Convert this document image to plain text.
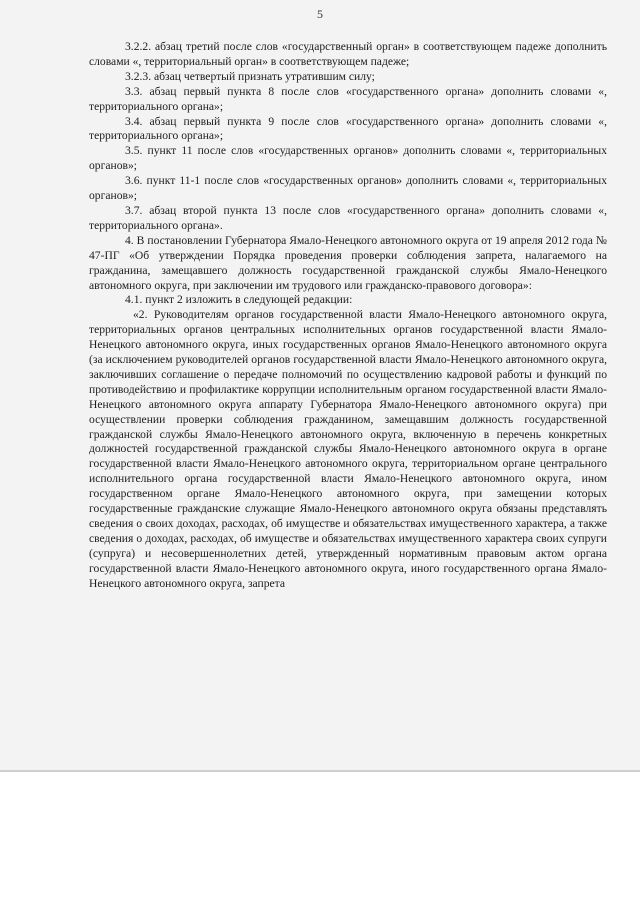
5

3.2.2. абзац третий после слов «государственный орган» в соответствующем падеже дополнить словами «, территориальный орган» в соответствующем падеже;

3.2.3. абзац четвертый признать утратившим силу;

3.3. абзац первый пункта 8 после слов «государственного органа» дополнить словами «, территориального органа»;

3.4. абзац первый пункта 9 после слов «государственного органа» дополнить словами «, территориального органа»;

3.5. пункт 11 после слов «государственных органов» дополнить словами «, территориальных органов»;

3.6. пункт 11-1 после слов «государственных органов» дополнить словами «, территориальных органов»;

3.7. абзац второй пункта 13 после слов «государственного органа» дополнить словами «, территориального органа».

4. В постановлении Губернатора Ямало-Ненецкого автономного округа от 19 апреля 2012 года № 47-ПГ «Об утверждении Порядка проведения проверки соблюдения запрета, налагаемого на гражданина, замещавшего должность государственной гражданской службы Ямало-Ненецкого автономного округа, при заключении им трудового или гражданско-правового договора»:

4.1. пункт 2 изложить в следующей редакции:

«2. Руководителям органов государственной власти Ямало-Ненецкого автономного округа, территориальных органов центральных исполнительных органов государственной власти Ямало-Ненецкого автономного округа, иных государственных органов Ямало-Ненецкого автономного округа (за исключением руководителей органов государственной власти Ямало-Ненецкого автономного округа, заключивших соглашение о передаче полномочий по осуществлению кадровой работы и функций по противодействию и профилактике коррупции исполнительным органом государственной власти Ямало-Ненецкого автономного округа аппарату Губернатора Ямало-Ненецкого автономного округа) при осуществлении проверки соблюдения гражданином, замещавшим должность государственной гражданской службы Ямало-Ненецкого автономного округа, включенную в перечень конкретных должностей государственной гражданской службы Ямало-Ненецкого автономного округа в органе государственной власти Ямало-Ненецкого автономного округа, территориальном органе центрального исполнительного органа государственной власти Ямало-Ненецкого автономного округа, ином государственном органе Ямало-Ненецкого автономного округа, при замещении которых государственные гражданские служащие Ямало-Ненецкого автономного округа обязаны представлять сведения о своих доходах, расходах, об имуществе и обязательствах имущественного характера, а также сведения о доходах, расходах, об имуществе и обязательствах имущественного характера своих супруги (супруга) и несовершеннолетних детей, утвержденный нормативным правовым актом органа государственной власти Ямало-Ненецкого автономного округа, иного государственного органа Ямало-Ненецкого автономного округа, запрета
